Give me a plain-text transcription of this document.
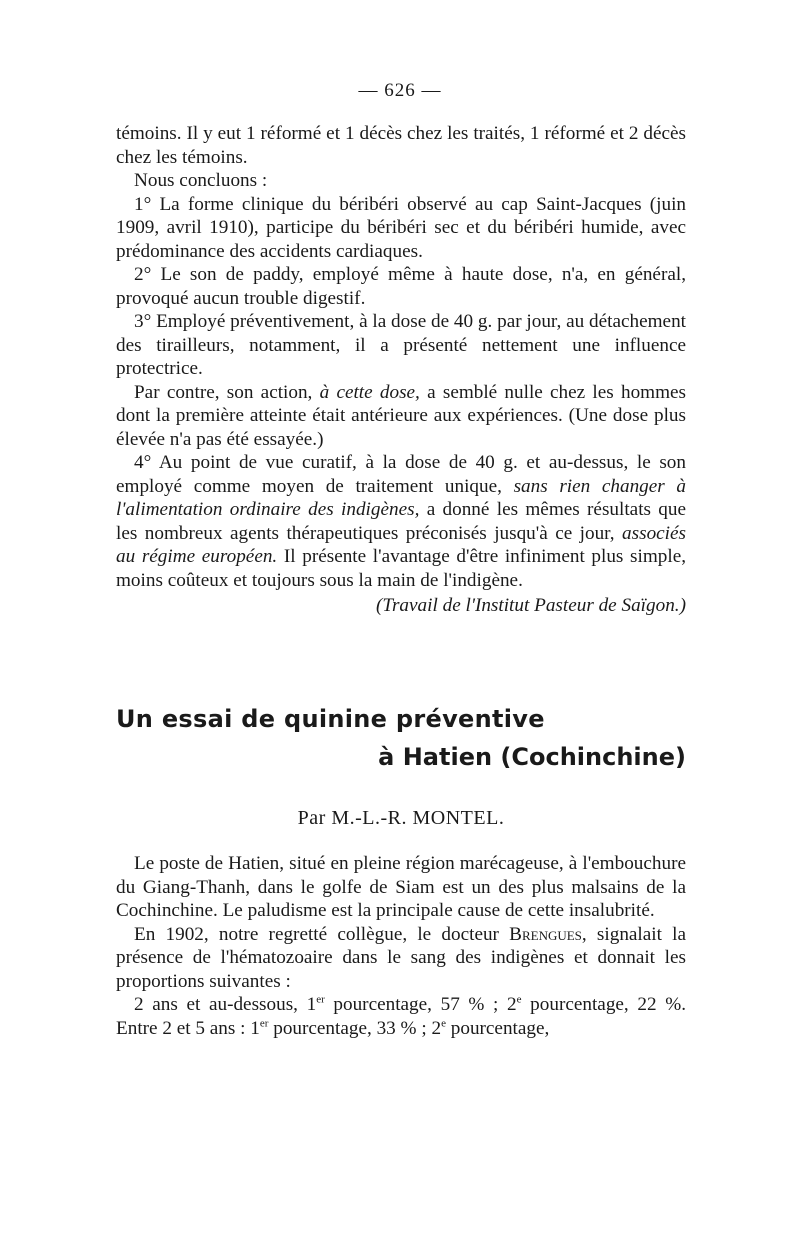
— 626 —

témoins. Il y eut 1 réformé et 1 décès chez les traités, 1 réformé et 2 décès chez les témoins.

Nous concluons :

1° La forme clinique du béribéri observé au cap Saint-Jacques (juin 1909, avril 1910), participe du béribéri sec et du béribéri humide, avec prédominance des accidents cardiaques.

2° Le son de paddy, employé même à haute dose, n'a, en général, provoqué aucun trouble digestif.

3° Employé préventivement, à la dose de 40 g. par jour, au détachement des tirailleurs, notamment, il a présenté nettement une influence protectrice.

Par contre, son action, à cette dose, a semblé nulle chez les hommes dont la première atteinte était antérieure aux expériences. (Une dose plus élevée n'a pas été essayée.)

4° Au point de vue curatif, à la dose de 40 g. et au-dessus, le son employé comme moyen de traitement unique, sans rien changer à l'alimentation ordinaire des indigènes, a donné les mêmes résultats que les nombreux agents thérapeutiques préconisés jusqu'à ce jour, associés au régime européen. Il présente l'avantage d'être infiniment plus simple, moins coûteux et toujours sous la main de l'indigène.

(Travail de l'Institut Pasteur de Saïgon.)

Un essai de quinine préventive
à Hatien (Cochinchine)
Par M.-L.-R. MONTEL.

Le poste de Hatien, situé en pleine région marécageuse, à l'embouchure du Giang-Thanh, dans le golfe de Siam est un des plus malsains de la Cochinchine. Le paludisme est la principale cause de cette insalubrité.

En 1902, notre regretté collègue, le docteur Brengues, signalait la présence de l'hématozoaire dans le sang des indigènes et donnait les proportions suivantes :

2 ans et au-dessous, 1er pourcentage, 57 % ; 2e pourcentage, 22 %. Entre 2 et 5 ans : 1er pourcentage, 33 % ; 2e pourcentage,
